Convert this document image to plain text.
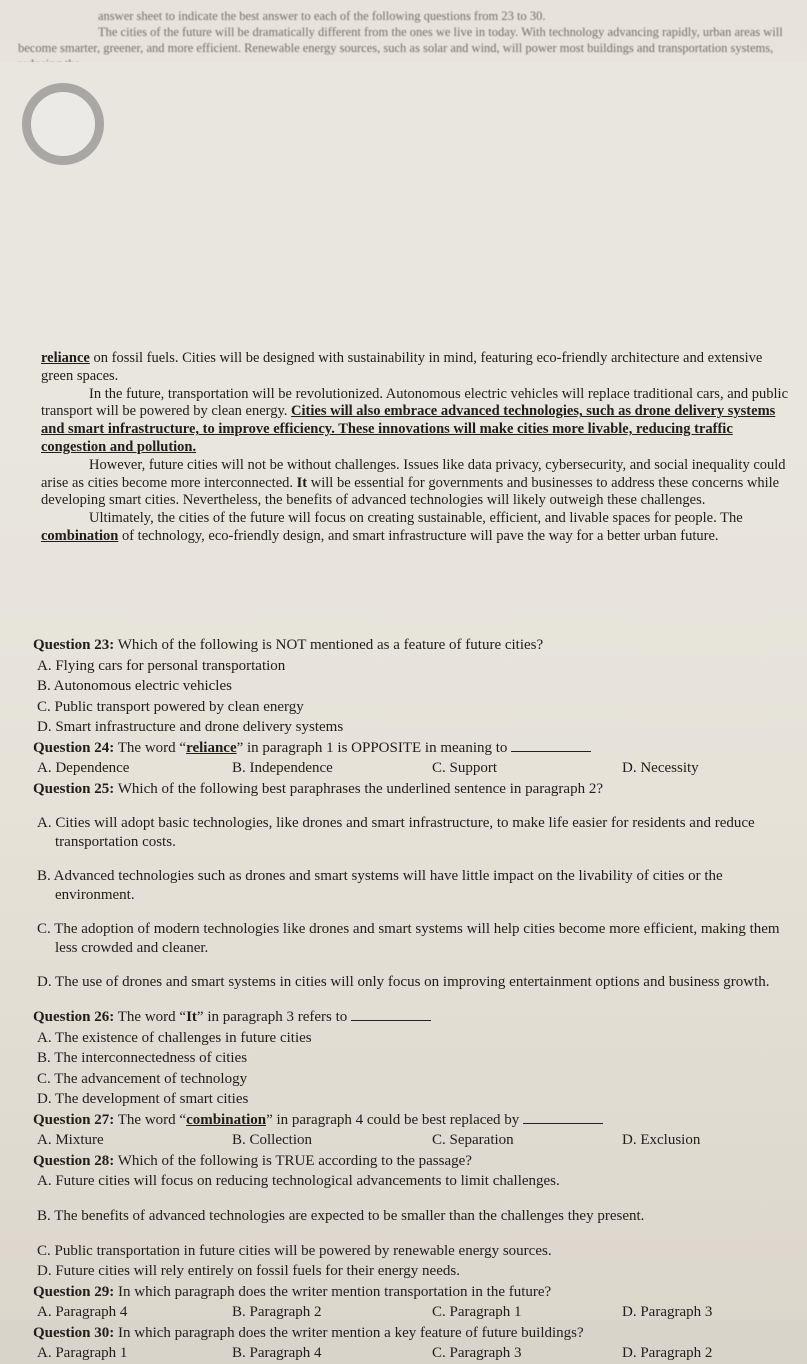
answer sheet to indicate the best answer to each of the following questions from 23 to 30.

The cities of the future will be dramatically different from the ones we live in today. With technology advancing rapidly, urban areas will become smarter, greener, and more efficient. Renewable energy sources, such as solar and wind, will power most buildings and transportation systems,

reliance on fossil fuels. Cities will be designed with sustainability in mind, featuring eco-friendly architecture and extensive green spaces.

In the future, transportation will be revolutionized. Autonomous electric vehicles will replace traditional cars, and public transport will be powered by clean energy. Cities will also embrace advanced technologies, such as drone delivery systems and smart infrastructure, to improve efficiency. These innovations will make cities more livable, reducing traffic congestion and pollution.

However, future cities will not be without challenges. Issues like data privacy, cybersecurity, and social inequality could arise as cities become more interconnected. It will be essential for governments and businesses to address these concerns while developing smart cities. Nevertheless, the benefits of advanced technologies will likely outweigh these challenges.

Ultimately, the cities of the future will focus on creating sustainable, efficient, and livable spaces for people. The combination of technology, eco-friendly design, and smart infrastructure will pave the way for a better urban future.

Question 23: Which of the following is NOT mentioned as a feature of future cities?

A. Flying cars for personal transportation

B. Autonomous electric vehicles

C. Public transport powered by clean energy

D. Smart infrastructure and drone delivery systems

Question 24: The word “reliance” in paragraph 1 is OPPOSITE in meaning to

A. Dependence	B. Independence	C. Support	D. Necessity

Question 25: Which of the following best paraphrases the underlined sentence in paragraph 2?

A. Cities will adopt basic technologies, like drones and smart infrastructure, to make life easier for residents and reduce transportation costs.

B. Advanced technologies such as drones and smart systems will have little impact on the livability of cities or the environment.

C. The adoption of modern technologies like drones and smart systems will help cities become more efficient, making them less crowded and cleaner.

D. The use of drones and smart systems in cities will only focus on improving entertainment options and business growth.

Question 26: The word “It” in paragraph 3 refers to

A. The existence of challenges in future cities

B. The interconnectedness of cities

C. The advancement of technology

D. The development of smart cities

Question 27: The word “combination” in paragraph 4 could be best replaced by

A. Mixture	B. Collection	C. Separation	D. Exclusion

Question 28: Which of the following is TRUE according to the passage?

A. Future cities will focus on reducing technological advancements to limit challenges.

B. The benefits of advanced technologies are expected to be smaller than the challenges they present.

C. Public transportation in future cities will be powered by renewable energy sources.

D. Future cities will rely entirely on fossil fuels for their energy needs.

Question 29: In which paragraph does the writer mention transportation in the future?

A. Paragraph 4	B. Paragraph 2	C. Paragraph 1	D. Paragraph 3

Question 30: In which paragraph does the writer mention a key feature of future buildings?

A. Paragraph 1	B. Paragraph 4	C. Paragraph 3	D. Paragraph 2
